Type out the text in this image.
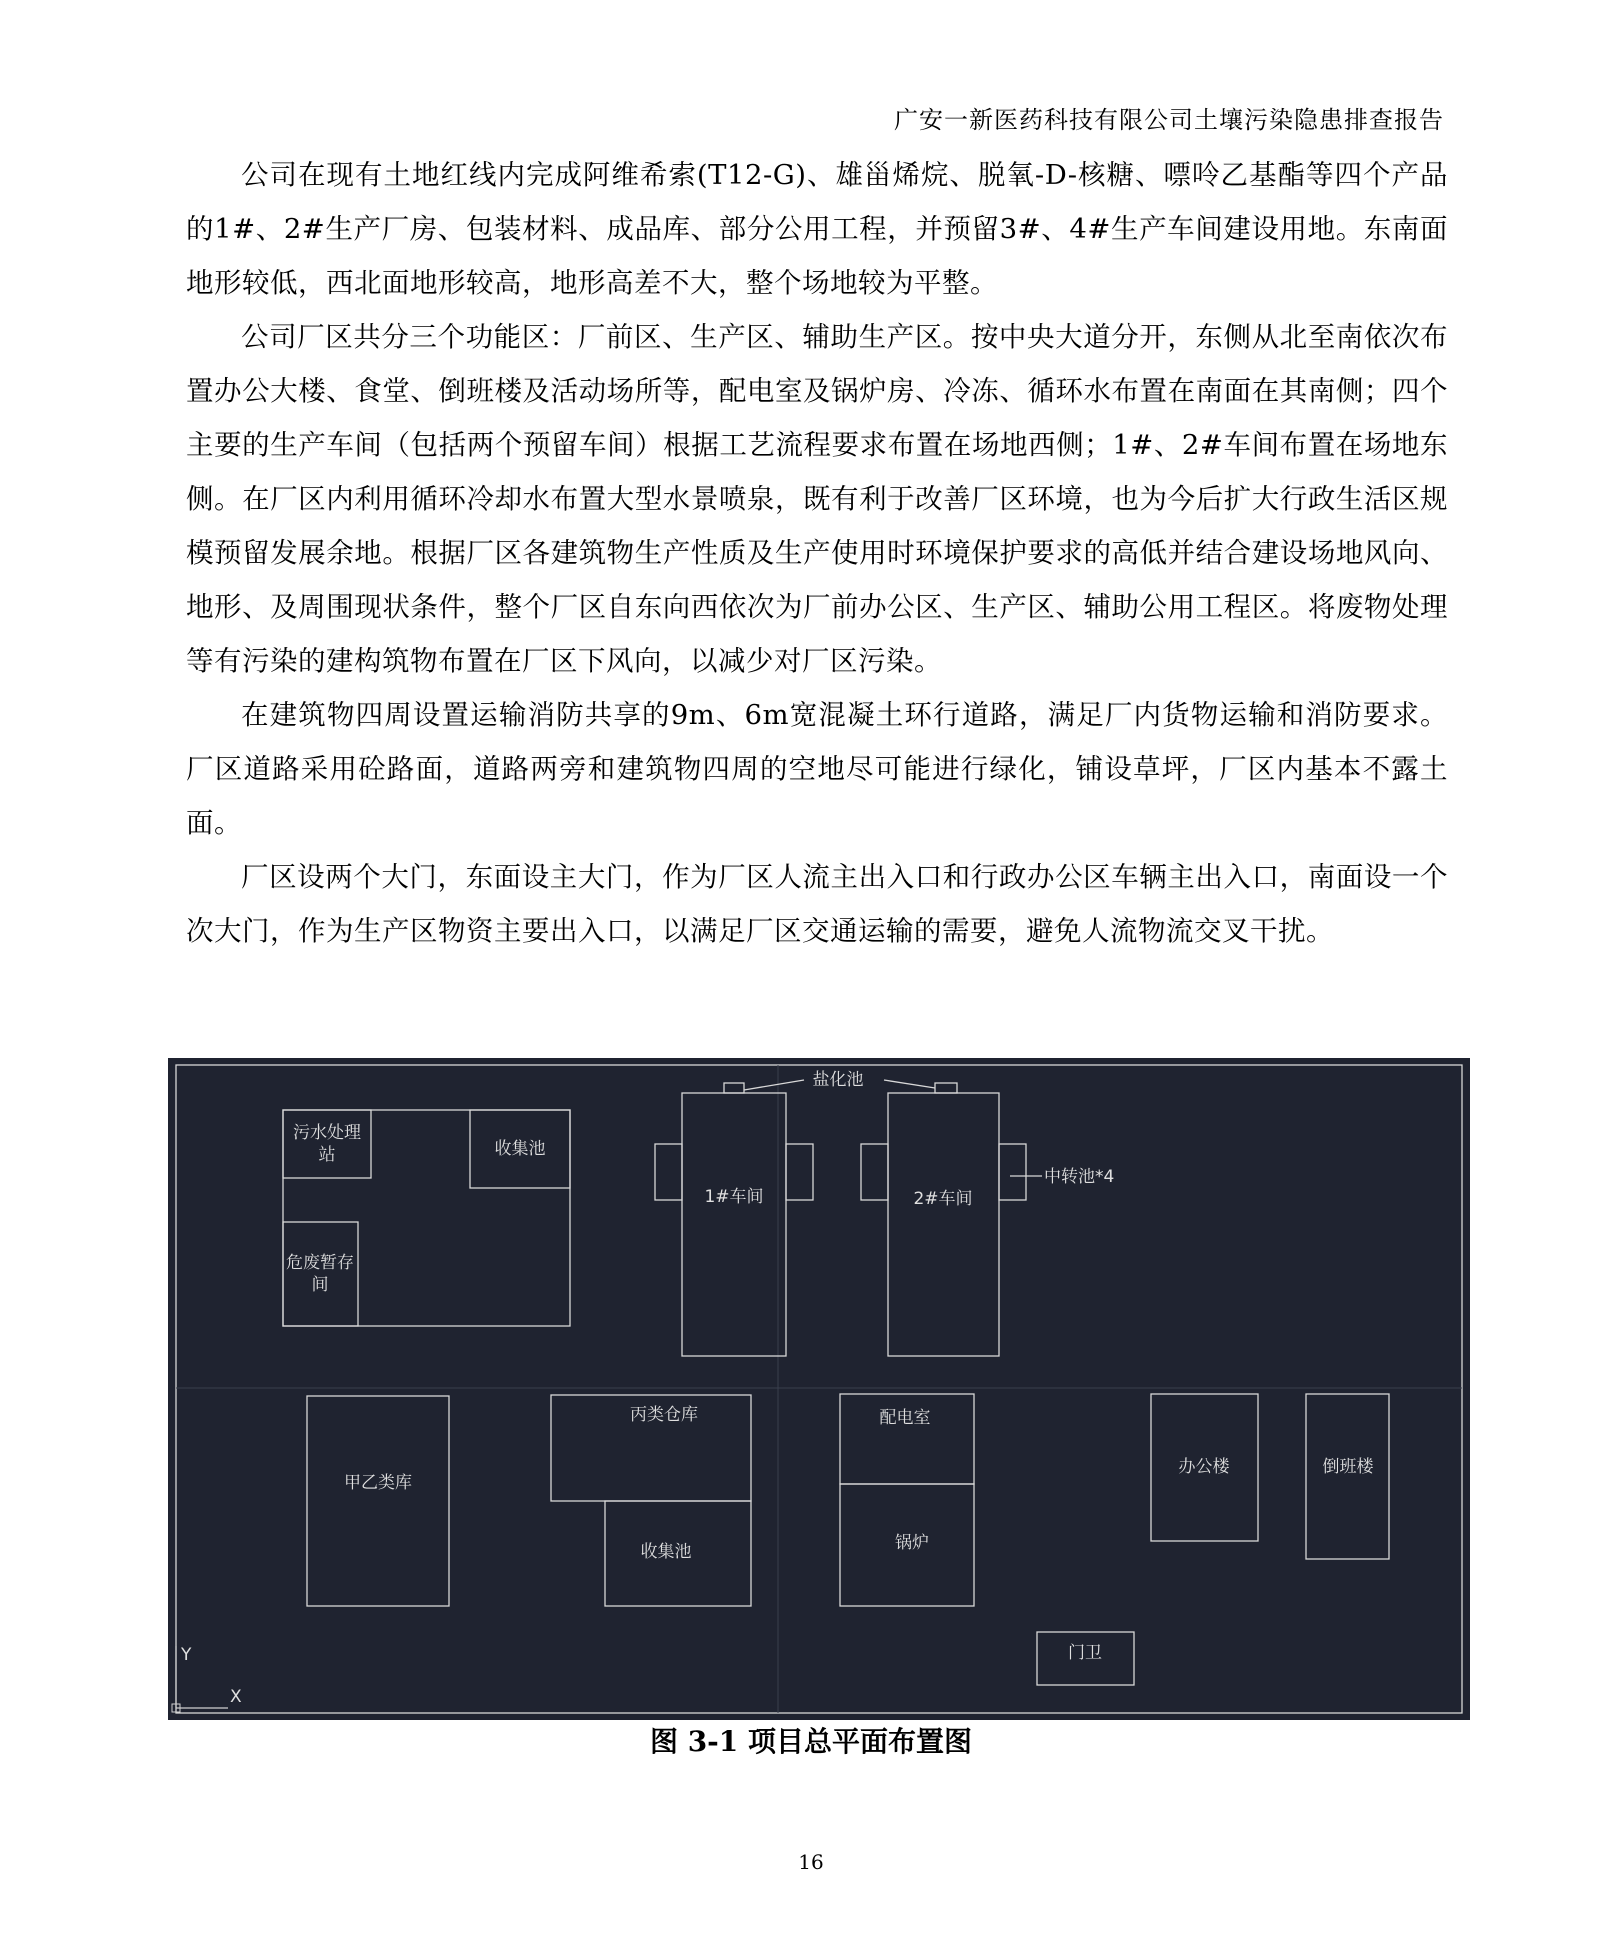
广安一新医药科技有限公司土壤污染隐患排查报告

公司在现有土地红线内完成阿维希索(T12-G)、雄甾烯烷、脱氧-D-核糖、嘌呤乙基酯等四个产品的1#、2#生产厂房、包装材料、成品库、部分公用工程，并预留3#、4#生产车间建设用地。东南面地形较低，西北面地形较高，地形高差不大，整个场地较为平整。

公司厂区共分三个功能区：厂前区、生产区、辅助生产区。按中央大道分开，东侧从北至南依次布置办公大楼、食堂、倒班楼及活动场所等，配电室及锅炉房、冷冻、循环水布置在南面在其南侧；四个主要的生产车间（包括两个预留车间）根据工艺流程要求布置在场地西侧；1#、2#车间布置在场地东侧。在厂区内利用循环冷却水布置大型水景喷泉，既有利于改善厂区环境，也为今后扩大行政生活区规模预留发展余地。根据厂区各建筑物生产性质及生产使用时环境保护要求的高低并结合建设场地风向、地形、及周围现状条件，整个厂区自东向西依次为厂前办公区、生产区、辅助公用工程区。将废物处理等有污染的建构筑物布置在厂区下风向，以减少对厂区污染。

在建筑物四周设置运输消防共享的9m、6m宽混凝土环行道路，满足厂内货物运输和消防要求。厂区道路采用砼路面，道路两旁和建筑物四周的空地尽可能进行绿化，铺设草坪，厂区内基本不露土面。

厂区设两个大门，东面设主大门，作为厂区人流主出入口和行政办公区车辆主出入口，南面设一个次大门，作为生产区物资主要出入口，以满足厂区交通运输的需要，避免人流物流交叉干扰。

污水处理站	收集池
危废暂存间
盐化池
1#车间	2#车间
中转池*4
甲乙类库
丙类仓库
收集池
配电室
锅炉
办公楼	倒班楼
门卫
Y
X
图 3-1 项目总平面布置图
16
